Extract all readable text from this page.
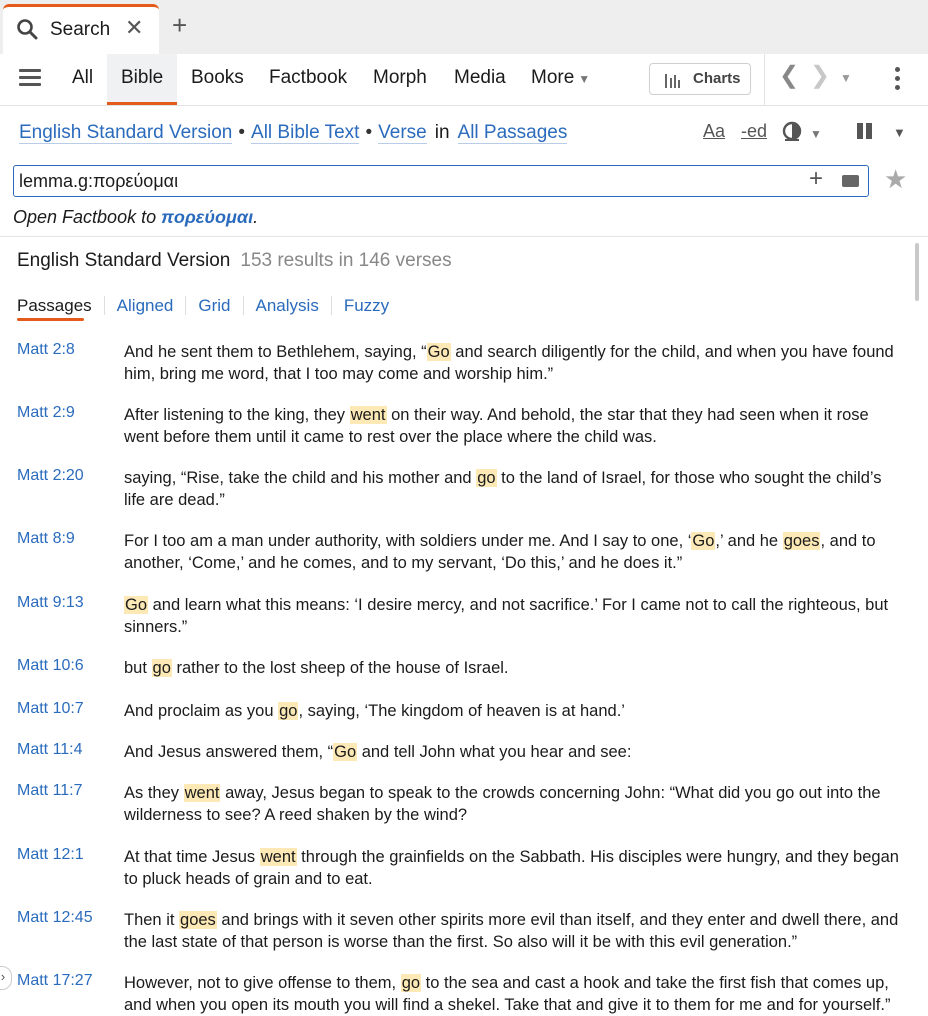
Search ✕ +
All Bible Books Factbook Morph Media More ▼	Charts ❮ ❯ ▼
English Standard Version • All Bible Text • Verse in All Passages	Aa -ed	▼	▼
lemma.g:πορεύομαι
+ ★
Open Factbook to πορεύομαι.
English Standard Version 153 results in 146 verses
Passages Aligned Grid Analysis Fuzzy
Matt 2:8	And he sent them to Bethlehem, saying, “Go and search diligently for the child, and when you have found him, bring me word, that I too may come and worship him.”
Matt 2:9	After listening to the king, they went on their way. And behold, the star that they had seen when it rose went before them until it came to rest over the place where the child was.
Matt 2:20 saying, “Rise, take the child and his mother and go to the land of Israel, for those who sought the child’s life are dead.”
Matt 8:9	For I too am a man under authority, with soldiers under me. And I say to one, ‘Go,’ and he goes, and to another, ‘Come,’ and he comes, and to my servant, ‘Do this,’ and he does it.”
Matt 9:13	Go and learn what this means: ‘I desire mercy, and not sacrifice.’ For I came not to call the righteous, but sinners.”
Matt 10:6 but go rather to the lost sheep of the house of Israel.
Matt 10:7 And proclaim as you go, saying, ‘The kingdom of heaven is at hand.’
Matt 11:4	And Jesus answered them, “Go and tell John what you hear and see:
Matt 11:7	As they went away, Jesus began to speak to the crowds concerning John: “What did you go out into the wilderness to see? A reed shaken by the wind?
Matt 12:1 At that time Jesus went through the grainfields on the Sabbath. His disciples were hungry, and they began to pluck heads of grain and to eat.
Matt 12:45 Then it goes and brings with it seven other spirits more evil than itself, and they enter and dwell there, and the last state of that person is worse than the first. So also will it be with this evil generation.”
Matt 17:27 However, not to give offense to them, go to the sea and cast a hook and take the first fish that comes up, and when you open its mouth you will find a shekel. Take that and give it to them for me and for yourself.”
›
